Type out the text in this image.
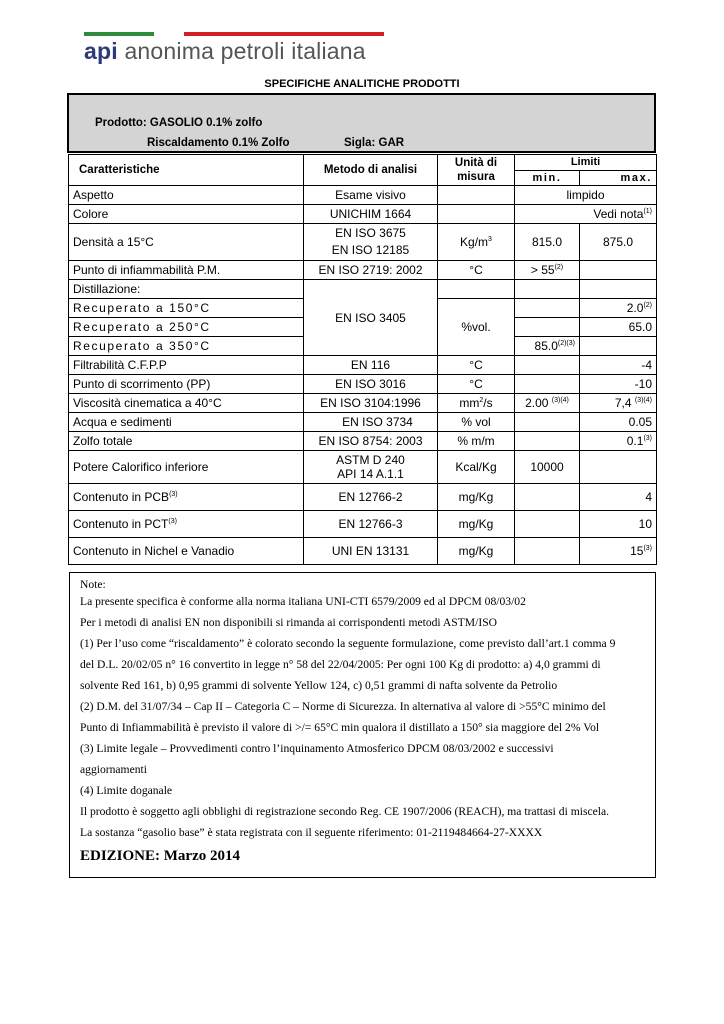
api anonima petroli italiana
SPECIFICHE ANALITICHE PRODOTTI
Prodotto: GASOLIO 0.1% zolfo
Riscaldamento 0.1% Zolfo	Sigla: GAR
Caratteristiche	Metodo di analisi	Unità di
misura	Limiti	
			min.	max.
Aspetto	Esame visivo		limpido	
Colore	UNICHIM 1664		Vedi nota$^{(1)}$
Densità a 15°C	EN ISO 3675
EN ISO 12185	$Kg/m^3$	815.0	875.0
Punto di infiammabilità P.M.	EN ISO 2719: 2002	°C	> $55^{(2)}$	
Distillazione:	EN ISO 3405			
Recuperato a 150°C		%vol.		2.0$^{(2)}$
Recuperato a 250°C				65.0
Recuperato a 350°C			$85.0^{(2)(3)}$	
Filtrabilità C.F.P.P	EN 116	°C		-4
Punto di scorrimento (PP)	EN ISO 3016	°C		-10
Viscosità cinematica a 40°C	EN ISO 3104:1996	$mm^2/s$	2.00 $^{(3)(4)}$	7,4 $^{(3)(4)}$
Acqua e sedimenti	EN ISO 3734	% vol		0.05
Zolfo totale	EN ISO 8754: 2003	% m/m		0.1$^{(3)}$
Potere Calorifico inferiore	ASTM D 240
API 14 A.1.1	Kcal/Kg	10000	
Contenuto in PCB$^{(3)}$	EN 12766-2	mg/Kg		4
Contenuto in PCT$^{(3)}$	EN 12766-3	mg/Kg		10
Contenuto in Nichel e Vanadio	UNI EN 13131	mg/Kg		15$^{(3)}$

Note:

La presente specifica è conforme alla norma italiana UNI-CTI 6579/2009 ed al DPCM 08/03/02

Per i metodi di analisi EN non disponibili si rimanda ai corrispondenti metodi ASTM/ISO

(1) Per l’uso come “riscaldamento” è colorato secondo la seguente formulazione, come previsto dall’art.1 comma 9

del D.L. 20/02/05 n° 16 convertito in legge n° 58 del 22/04/2005: Per ogni 100 Kg di prodotto: a) 4,0 grammi di

solvente Red 161, b) 0,95 grammi di solvente Yellow 124, c) 0,51 grammi di nafta solvente da Petrolio

(2) D.M. del 31/07/34 – Cap II – Categoria C – Norme di Sicurezza. In alternativa al valore di >55°C minimo del

Punto di Infiammabilità è previsto il valore di >/= 65°C min qualora il distillato a 150° sia maggiore del 2% Vol

(3) Limite legale – Provvedimenti contro l’inquinamento Atmosferico DPCM 08/03/2002 e successivi

aggiornamenti

(4) Limite doganale

Il prodotto è soggetto agli obblighi di registrazione secondo Reg. CE 1907/2006 (REACH), ma trattasi di miscela.

La sostanza “gasolio base” è stata registrata con il seguente riferimento: 01-2119484664-27-XXXX

EDIZIONE: Marzo 2014
